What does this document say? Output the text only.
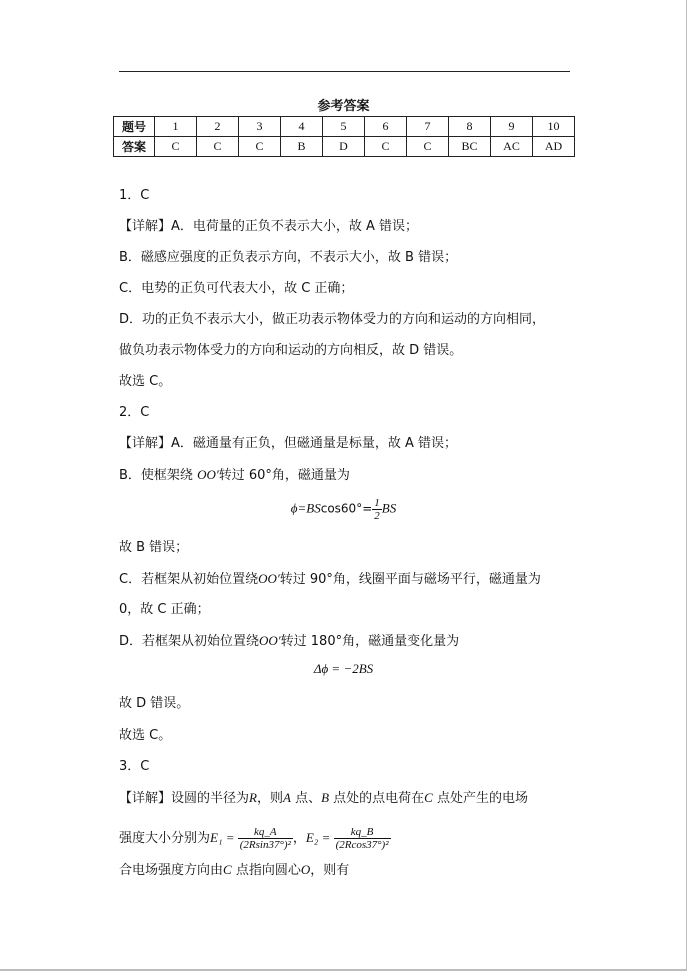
参考答案
题号	1	2	3	4	5	6	7	8	9	10
答案	C	C	C	B	D	C	C	BC	AC	AD
1．C
【详解】A．电荷量的正负不表示大小，故 A 错误；
B．磁感应强度的正负表示方向，不表示大小，故 B 错误；
C．电势的正负可代表大小，故 C 正确；
D．功的正负不表示大小，做正功表示物体受力的方向和运动的方向相同，
做负功表示物体受力的方向和运动的方向相反，故 D 错误。
故选 C。
2．C
【详解】A．磁通量有正负，但磁通量是标量，故 A 错误；
B．使框架绕 OO′转过 60°角，磁通量为
$\phi=BScos60^\circ= \frac{1}{2}$ BS
故 B 错误；
C．若框架从初始位置绕OO′转过 90°角，线圈平面与磁场平行，磁通量为
0，故 C 正确；
D．若框架从初始位置绕OO′转过 180°角，磁通量变化量为
Δϕ = −2BS
故 D 错误。
故选 C。
3．C
【详解】设圆的半径为R，则A 点、B 点处的点电荷在C 点处产生的电场
强度大小分别为$E_1 = \frac{kq\_A}{\text{(2Rsin37°)²}}$ ，$E_2 = \frac{kq\_B}{\text{(2Rcos37°)²}}$
合电场强度方向由C 点指向圆心O，则有
